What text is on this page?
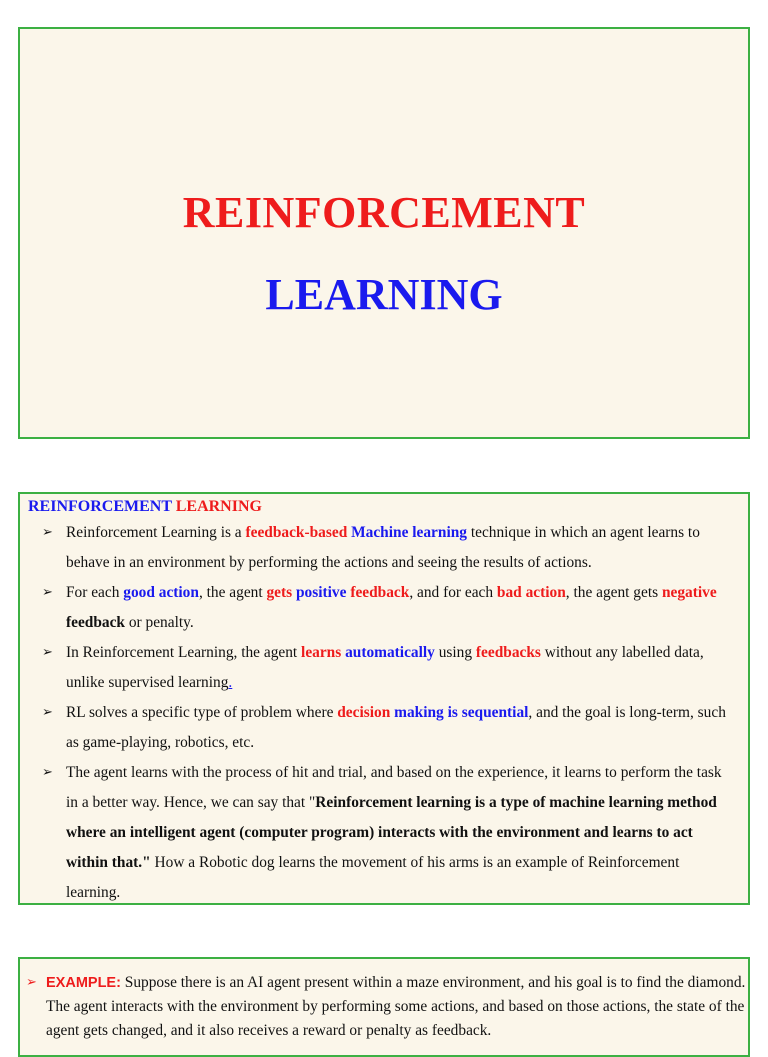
REINFORCEMENT
LEARNING
REINFORCEMENT LEARNING
➢ Reinforcement Learning is a feedback-based Machine learning technique in which an agent learns to behave in an environment by performing the actions and seeing the results of actions.
➢ For each good action, the agent gets positive feedback, and for each bad action, the agent gets negative feedback or penalty.
➢ In Reinforcement Learning, the agent learns automatically using feedbacks without any labelled data, unlike supervised learning.
➢ RL solves a specific type of problem where decision making is sequential, and the goal is long-term, such as game-playing, robotics, etc.
➢ The agent learns with the process of hit and trial, and based on the experience, it learns to perform the task in a better way. Hence, we can say that "Reinforcement learning is a type of machine learning method where an intelligent agent (computer program) interacts with the environment and learns to act within that." How a Robotic dog learns the movement of his arms is an example of Reinforcement learning.
➢ EXAMPLE: Suppose there is an AI agent present within a maze environment, and his goal is to find the diamond. The agent interacts with the environment by performing some actions, and based on those actions, the state of the agent gets changed, and it also receives a reward or penalty as feedback.
